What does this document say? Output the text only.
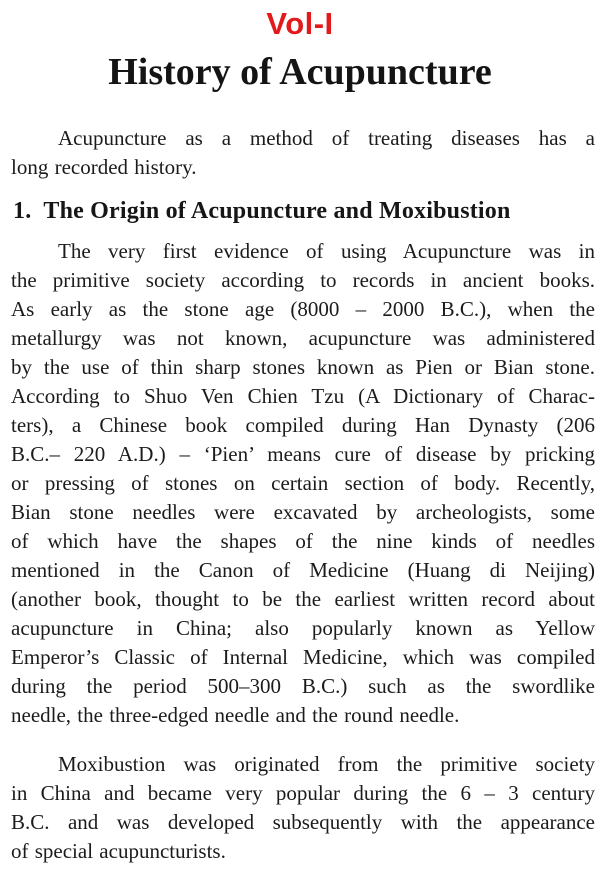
Vol-I
History of Acupuncture
Acupuncture as a method of treating diseases has a
long recorded history.
1.  The Origin of Acupuncture and Moxibustion
The very first evidence of using Acupuncture was in
the primitive society according to records in ancient books.
As early as the stone age (8000 – 2000 B.C.), when the
metallurgy was not known, acupuncture was administered
by the use of thin sharp stones known as Pien or Bian stone.
According to Shuo Ven Chien Tzu (A Dictionary of Charac-
ters), a Chinese book compiled during Han Dynasty (206
B.C.– 220 A.D.) – ‘Pien’ means cure of disease by pricking
or pressing of stones on certain section of body. Recently,
Bian stone needles were excavated by archeologists, some
of which have the shapes of the nine kinds of needles
mentioned in the Canon of Medicine (Huang di Neijing)
(another book, thought to be the earliest written record about
acupuncture in China; also popularly known as Yellow
Emperor’s Classic of Internal Medicine, which was compiled
during the period 500–300 B.C.) such as the swordlike
needle, the three-edged needle and the round needle.
Moxibustion was originated from the primitive society
in China and became very popular during the 6 – 3 century
B.C. and was developed subsequently with the appearance
of special acupuncturists.
